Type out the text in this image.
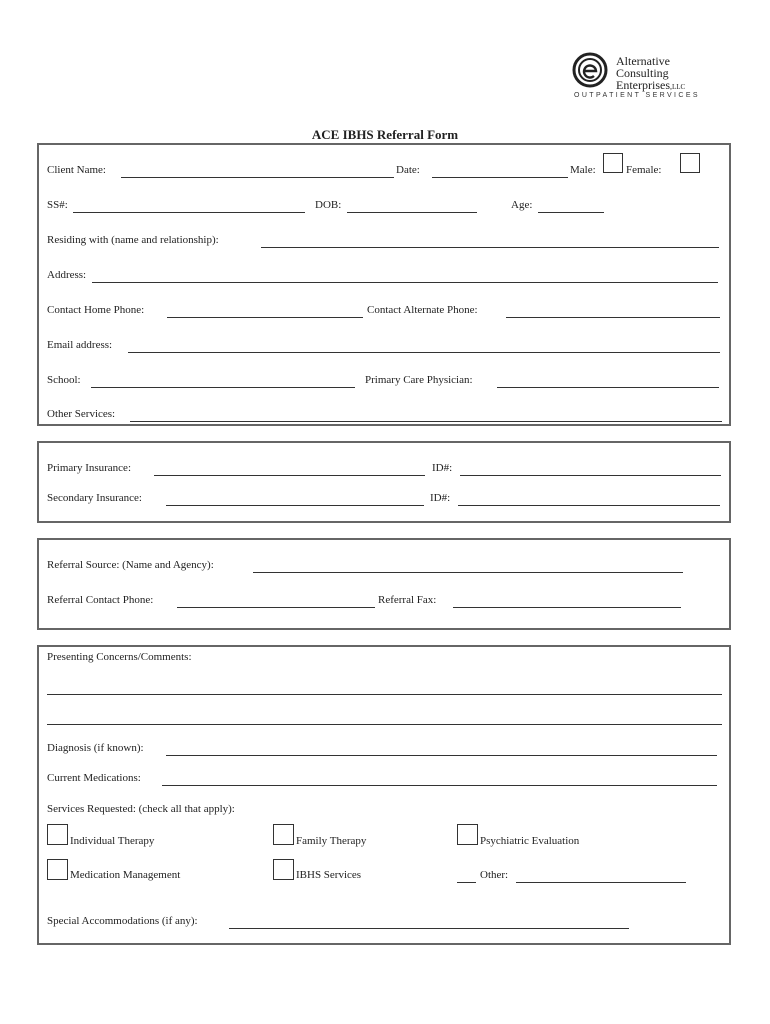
Alternative
Consulting
Enterprises,LLC
OUTPATIENT SERVICES
ACE IBHS Referral Form
Client Name:	Date:	Male:	Female:
SS#:	DOB:	Age:
Residing with (name and relationship):
Address:
Contact Home Phone:	Contact Alternate Phone:
Email address:
School:	Primary Care Physician:
Other Services:
Primary Insurance:	ID#:
Secondary Insurance:	ID#:
Referral Source: (Name and Agency):
Referral Contact Phone:	Referral Fax:
Presenting Concerns/Comments:
Diagnosis (if known):
Current Medications:
Services Requested: (check all that apply):
Individual Therapy	Family Therapy	Psychiatric Evaluation
Medication Management	IBHS Services	Other:
Special Accommodations (if any):
